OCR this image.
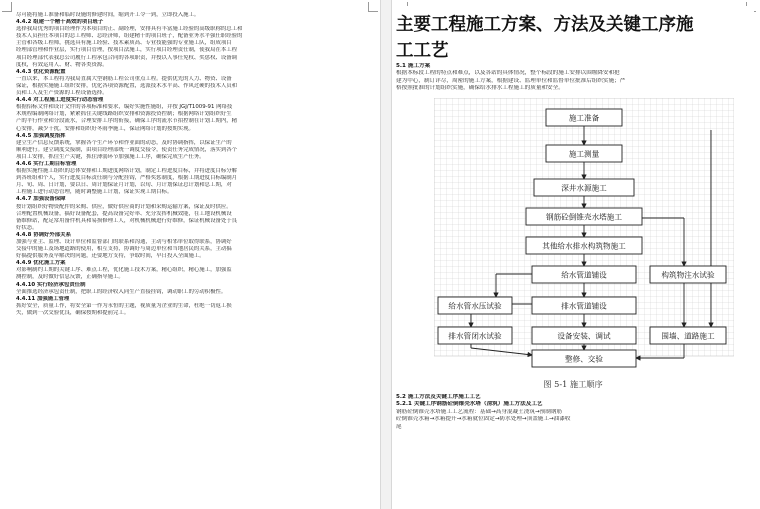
尽可能将施工准备和临时设施的修建时间，缩到开工令一到，立即投入施工。
4.4.2 组建一个精干高效的项目班子
选择我局优秀的项目经理作为本项目的正、副经理，安排具有丰富施工经验的高级职称的总工和
技术人员担任本项目的总工程师、总经济师，组建精干的项目班子，配备业务水平强任职经验的
主管和各级工程师，挑选具有施工经验、技术素质高、专业技能强的专业施工队，组成项目
经理部管理和作业层，实行项目管理，按项目法施工，实行项目经理责任制，使我局在本工程
项目经理部代表我总公司履行工程承包合同的各项职责，并授以人事任免权、奖惩权、设备调
度权，有效运用人、财、物各类资源。
4.4.3 优化资源配置
一直以来，本工程将为我局直属大型钢筋工程公司重点工程。提供优先的人力、物资、设备
保证，根据实施施工组织安排，优化各项资源配置，选派技术水平高、作风过硬的技术人员和
员和工人及生产资源的工程设备选择。
4.4.4 对工程施工进度实行动态管理
根据招标文件和设计文件的各项标准和要求，编好实施性施组，并按 JGJ/T1009-91 网络技
术规程编制网络计划，紧紧抓住关键线路组织安排和资源投资控制；根据网络计划组织好生
产的平行作业和分段流水，合理安排工序的衔接，确保工序的流水节拍控制在计划工期内，精
心安排，减少干扰。安排和组织好冬雨季施工，保证网络计划的按期实现。
4.4.5 加强调度指挥
建立生产信息反馈系统，掌握各个生产环节和作业面的动态，及时协调指挥，以保证生产的
顺利进行。建立调度交接制，由项目经理部统一调度交接令，使责任务完成情况，落实到各个
项目工安排，抓住生产关键，抓住薄弱环节加强施工工序，确保完成生产任务。
4.4.6 实行工期目标管理
根据实施性施工组织的总体安排和工期进度网络计划，制定工程进度目标，并将进度目标分解
到各班组和个人，实行进度目标责任制与分配挂钩，严格奖惩制度，根据工期进度目标编制月
月、旬、周、日计划，要以日、周计划保证月计划，以旬、月计划保证总计划和总工期，对
工程施工进行动态管理，随时调整施工计划，保证实现工期目标。
4.4.7 加强设备保障
按计划组织好物资配件的采购、供应，做好供应商的计划和采购运输方案，保证及时供应。
合理配置机械设备，搞好设备配套，提高设备完好率、充分发挥机械效能，在工地设机械设
备维修站，配足常用备件机具和易损修理工人，对机械机械进行好维修，保证机械设备处于良
好状态。
4.4.8 协调好外部关系
加强与业主、监理、设计单位和监督部门的联系和沟通，主动与相邻单位取得联系，协调好
交接中的施工及场地道路的使用，相互支持，协调好与周边单位和当地居民的关系，主动搞
好搞提供服务及早解决的问题，还要地方支持，争取时间，早日投入全面施工。
4.4.9 优化施工方案
对影响制约工期的关键工序、难点工程，优化施工技术方案，精心组织，精心施工，加强监
测控制，及时做好信息反馈，正确指导施工。
4.4.10 实行经济承包责任制
全面推选经济承包责任制，把职工的经济收入同生产直接挂钩，调动职工的劳动积极性。
4.4.11 加强施工管理
抓好安全，质量工作，将安全第一作为永恒的主题，视质量为企业的生命，杜绝一切返工损
失，做到一次交验优良，确保按期和提前完工。
主要工程施工方案、方法及关键工序施
工工艺
5.1 施工方案
根据本标段工程的特点和难点，以及各站的具体情况，整个标段的施工安排以围堰降安和抢
建为中心，制订详尽，周密的施工方案，根据建设、监理单位和监督单位批准后组织实施；严
格按照批准的计划组织实施，确保给水排水工程施工的质量和安全。
施工准备
施工测量
深井水源施工
钢筋砼倒锥壳水塔施工
其他给水排水构筑物施工
给水管道铺设	构筑物注水试验
给水管水压试验	排水管道铺设
排水管闭水试验	设备安装、调试	围墙、道路施工
整修、交验
图 5-1 施工顺序
5.2 施工方法及关键工序施工工艺
5.2.1 关键工序钢筋砼倒锥壳水塔（清筑）施工方法及工艺
钢筋砼倒锥壳水塔施工工艺流程：基础→高身混凝土浇筑→预制钢筋
砼倒锥壳水箱→水箱提升→水箱就位固定→防水处理→顶盖施工→油漆收
尾
